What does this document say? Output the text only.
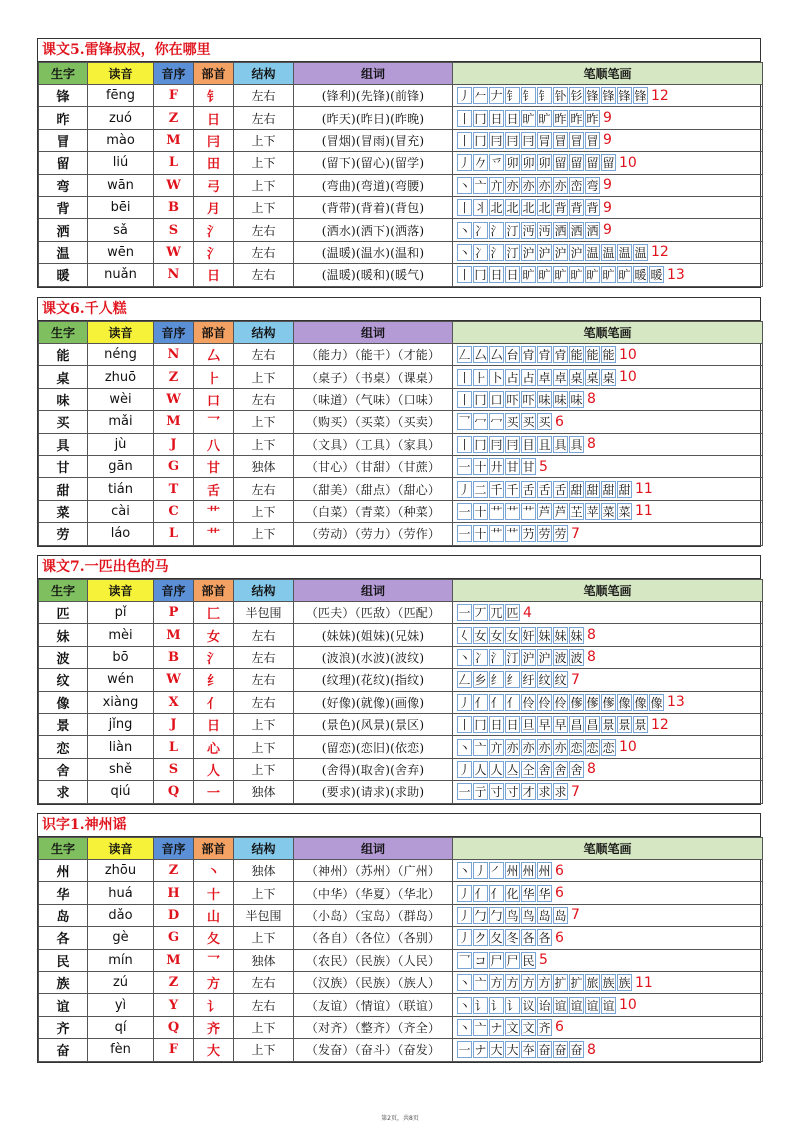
课文5.雷锋叔叔，你在哪里
生字	读音	音序	部首	结构	组词	笔顺笔画
锋	fēng	F	钅	左右	(锋利)(先锋)(前锋)	丿 𠂉 𠂇 钅 钅 钅 钋 钐 锋 锋 锋 锋 12
昨	zuó	Z	日	左右	(昨天)(昨日)(昨晚)	丨 冂 日 日 旷 旷 昨 昨 昨 9
冒	mào	M	冃	上下	(冒烟)(冒雨)(冒充)	丨 冂 冃 冃 冃 冐 冒 冒 冒 9
留	liú	L	田	上下	(留下)(留心)(留学)	丿 𠂊 乊 卯 卯 卯 留 留 留 留 10
弯	wān	W	弓	上下	(弯曲)(弯道)(弯腰)	丶 亠 亣 亦 亦 亦 亦 峦 弯 9
背	bēi	B	月	上下	(背带)(背着)(背包)	丨 丬 北 北 北 北 背 背 背 9
洒	sǎ	S	氵	左右	(洒水)(洒下)(洒落)	丶 冫 氵 汀 沔 沔 洒 洒 洒 9
温	wēn	W	氵	左右	(温暖)(温水)(温和)	丶 冫 氵 汀 沪 沪 沪 沪 温 温 温 温 12
暖	nuǎn	N	日	左右	(温暖)(暖和)(暖气)	丨 冂 日 日 旷 旷 旷 旷 旷 旷 旷 暖 暖 13
课文6.千人糕
生字	读音	音序	部首	结构	组词	笔顺笔画
能	néng	N	厶	左右	（能力）（能干）（才能）	𠃋 厶 厶 台 肻 肻 肻 能 能 能 10
桌	zhuō	Z	⺊	上下	（桌子）（书桌）（课桌）	丨 ⺊ 卜 占 占 卓 卓 桌 桌 桌 10
味	wèi	W	口	左右	（味道）（气味）（口味）	丨 冂 口 吓 吓 味 味 味 8
买	mǎi	M	乛	上下	（购买）（买菜）（买卖）	乛 冖 冖 买 买 买 6
具	jù	J	八	上下	（文具）（工具）（家具）	丨 冂 冃 冃 目 且 具 具 8
甘	gān	G	甘	独体	（甘心）（甘甜）（甘蔗）	一 十 廾 甘 甘 5
甜	tián	T	舌	左右	（甜美）（甜点）（甜心）	丿 二 千 千 舌 舌 舌 甜 甜 甜 甜 11
菜	cài	C	艹	上下	（白菜）（青菜）（种菜）	一 十 艹 艹 艹 芦 芦 芏 苹 菜 菜 11
劳	láo	L	艹	上下	（劳动）（劳力）（劳作）	一 十 艹 艹 芀 劳 劳 7
课文7.一匹出色的马
生字	读音	音序	部首	结构	组词	笔顺笔画
匹	pǐ	P	匚	半包围	（匹夫）（匹敌）（匹配）	一 丆 兀 匹 4
妹	mèi	M	女	左右	(妹妹)(姐妹)(兄妹)	𡿨 女 女 女 奸 妹 妹 妹 8
波	bō	B	氵	左右	(波浪)(水波)(波纹)	丶 冫 氵 汀 沪 沪 波 波 8
纹	wén	W	纟	左右	(纹理)(花纹)(指纹)	𠃋 乡 纟 纟 纡 纹 纹 7
像	xiàng	X	亻	左右	(好像)(就像)(画像)	丿 亻 亻 亻 伶 伶 伶 偧 偧 偧 像 像 像 13
景	jǐng	J	日	上下	(景色)(风景)(景区)	丨 冂 日 日 旦 早 早 昌 昌 景 景 景 12
恋	liàn	L	心	上下	(留恋)(恋旧)(依恋)	丶 亠 亣 亦 亦 亦 亦 恋 恋 恋 10
舍	shě	S	人	上下	(舍得)(取舍)(舍弃)	丿 人 人 亼 仝 舍 舍 舍 8
求	qiú	Q	一	独体	(要求)(请求)(求助)	一 亍 寸 寸 才 求 求 7
识字1.神州谣
生字	读音	音序	部首	结构	组词	笔顺笔画
州	zhōu	Z	丶	独体	（神州）（苏州）（广州）	丶 丿 ㇒ 州 州 州 6
华	huá	H	十	上下	（中华）（华夏）（华北）	丿 亻 亻 化 华 华 6
岛	dǎo	D	山	半包围	（小岛）（宝岛）（群岛）	丿 勹 勹 鸟 鸟 岛 岛 7
各	gè	G	夂	上下	（各自）（各位）（各别）	丿 ク 夂 冬 各 各 6
民	mín	M	乛	独体	（农民）（民族）（人民）	乛 コ 尸 尸 民 5
族	zú	Z	方	左右	（汉族）（民族）（族人）	丶 亠 方 方 方 方 扩 扩 旅 族 族 11
谊	yì	Y	讠	左右	（友谊）（情谊）（联谊）	丶 讠 讠 讠 议 诒 谊 谊 谊 谊 10
齐	qí	Q	齐	上下	（对齐）（整齐）（齐全）	丶 亠 ナ 文 文 齐 6
奋	fèn	F	大	上下	（发奋）（奋斗）（奋发）	一 ナ 大 大 夲 奋 奋 奋 8
第2页，共8页
